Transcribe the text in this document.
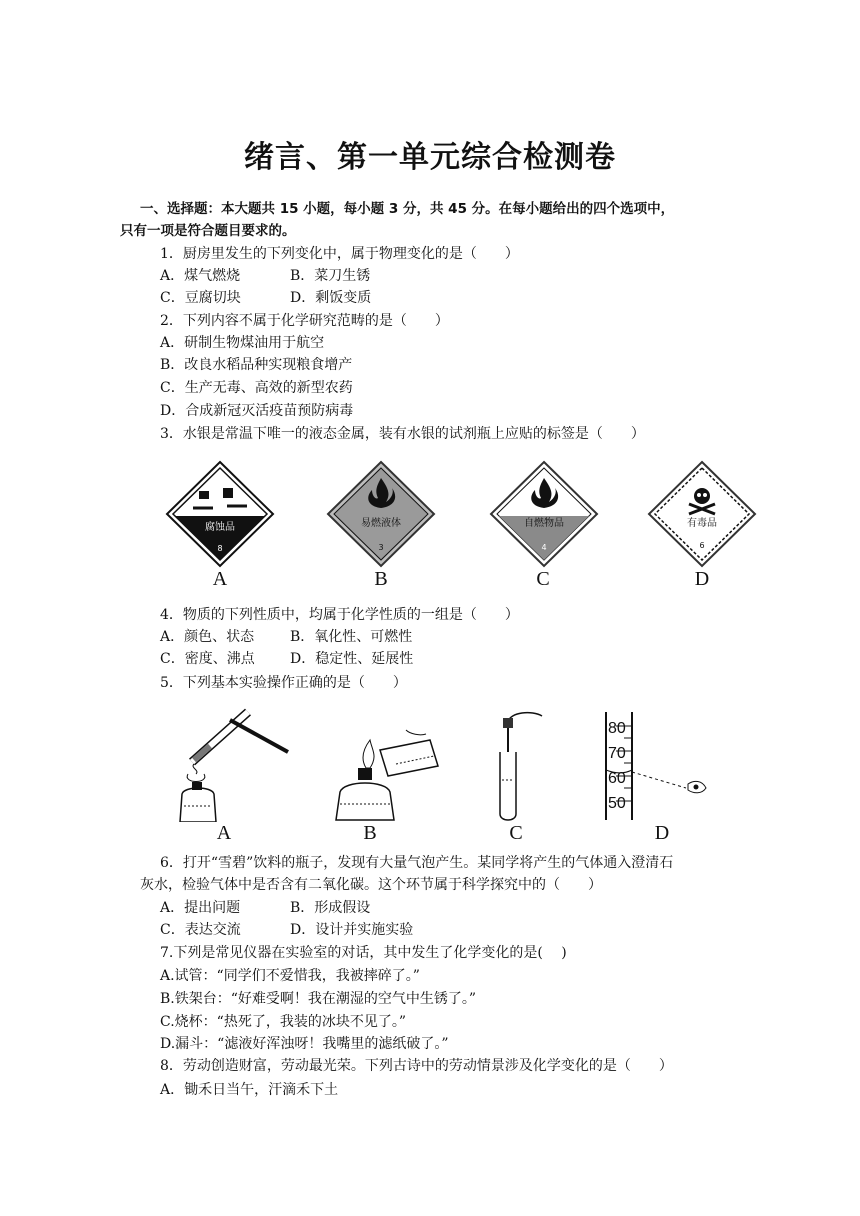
绪言、第一单元综合检测卷
一、选择题：本大题共 15 小题，每小题 3 分，共 45 分。在每小题给出的四个选项中，
只有一项是符合题目要求的。
1．厨房里发生的下列变化中，属于物理变化的是（　　）
A．煤气燃烧	B．菜刀生锈
C．豆腐切块	D．剩饭变质
2．下列内容不属于化学研究范畴的是（　　）
A．研制生物煤油用于航空
B．改良水稻品种实现粮食增产
C．生产无毒、高效的新型农药
D．合成新冠灭活疫苗预防病毒
3．水银是常温下唯一的液态金属，装有水银的试剂瓶上应贴的标签是（　　）
腐蚀品
8
易燃液体
3
自燃物品
4
有毒品
6
A	B	C	D
4．物质的下列性质中，均属于化学性质的一组是（　　）
A．颜色、状态	B．氧化性、可燃性
C．密度、沸点	D．稳定性、延展性
5．下列基本实验操作正确的是（　　）
80
70
60
50
A	B	C	D
6．打开“雪碧”饮料的瓶子，发现有大量气泡产生。某同学将产生的气体通入澄清石
灰水，检验气体中是否含有二氧化碳。这个环节属于科学探究中的（　　）
A．提出问题	B．形成假设
C．表达交流	D．设计并实施实验
7.下列是常见仪器在实验室的对话，其中发生了化学变化的是(　 )
A.试管：“同学们不爱惜我，我被摔碎了。”
B.铁架台：“好难受啊！我在潮湿的空气中生锈了。”
C.烧杯：“热死了，我装的冰块不见了。”
D.漏斗：“滤液好浑浊呀！我嘴里的滤纸破了。”
8．劳动创造财富，劳动最光荣。下列古诗中的劳动情景涉及化学变化的是（　　）
A．锄禾日当午，汗滴禾下土
